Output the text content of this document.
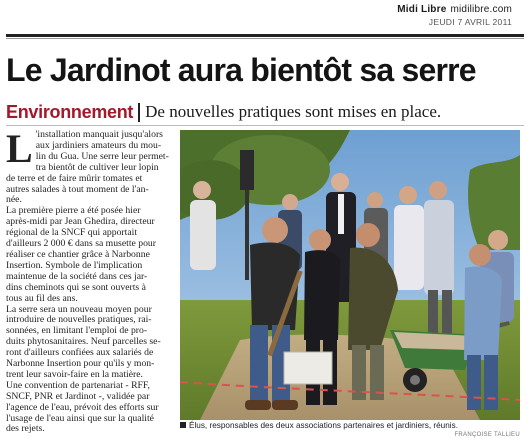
Midi Libre midilibre.com
JEUDI 7 AVRIL 2011
Le Jardinot aura bientôt sa serre
Environnement De nouvelles pratiques sont mises en place.
L 'installation manquait jusqu'alors
aux jardiniers amateurs du mou-
lin du Gua. Une serre leur permet-
tra bientôt de cultiver leur lopin
de terre et de faire mûrir tomates et
autres salades à tout moment de l'an-
née.
La première pierre a été posée hier
après-midi par Jean Ghedira, directeur
régional de la SNCF qui apportait
d'ailleurs 2 000 € dans sa musette pour
réaliser ce chantier grâce à Narbonne
Insertion. Symbole de l'implication
maintenue de la société dans ces jar-
dins cheminots qui se sont ouverts à
tous au fil des ans.
La serre sera un nouveau moyen pour
introduire de nouvelles pratiques, rai-
sonnées, en limitant l'emploi de pro-
duits phytosanitaires. Neuf parcelles se-
ront d'ailleurs confiées aux salariés de
Narbonne Insertion pour qu'ils y mon-
trent leur savoir-faire en la matière.
Une convention de partenariat - RFF,
SNCF, PNR et Jardinot -, validée par
l'agence de l'eau, prévoit des efforts sur
l'usage de l'eau ainsi que sur la qualité
des rejets.	Élus, responsables des deux associations partenaires et jardiniers, réunis.
FRANÇOISE TALLIEU
